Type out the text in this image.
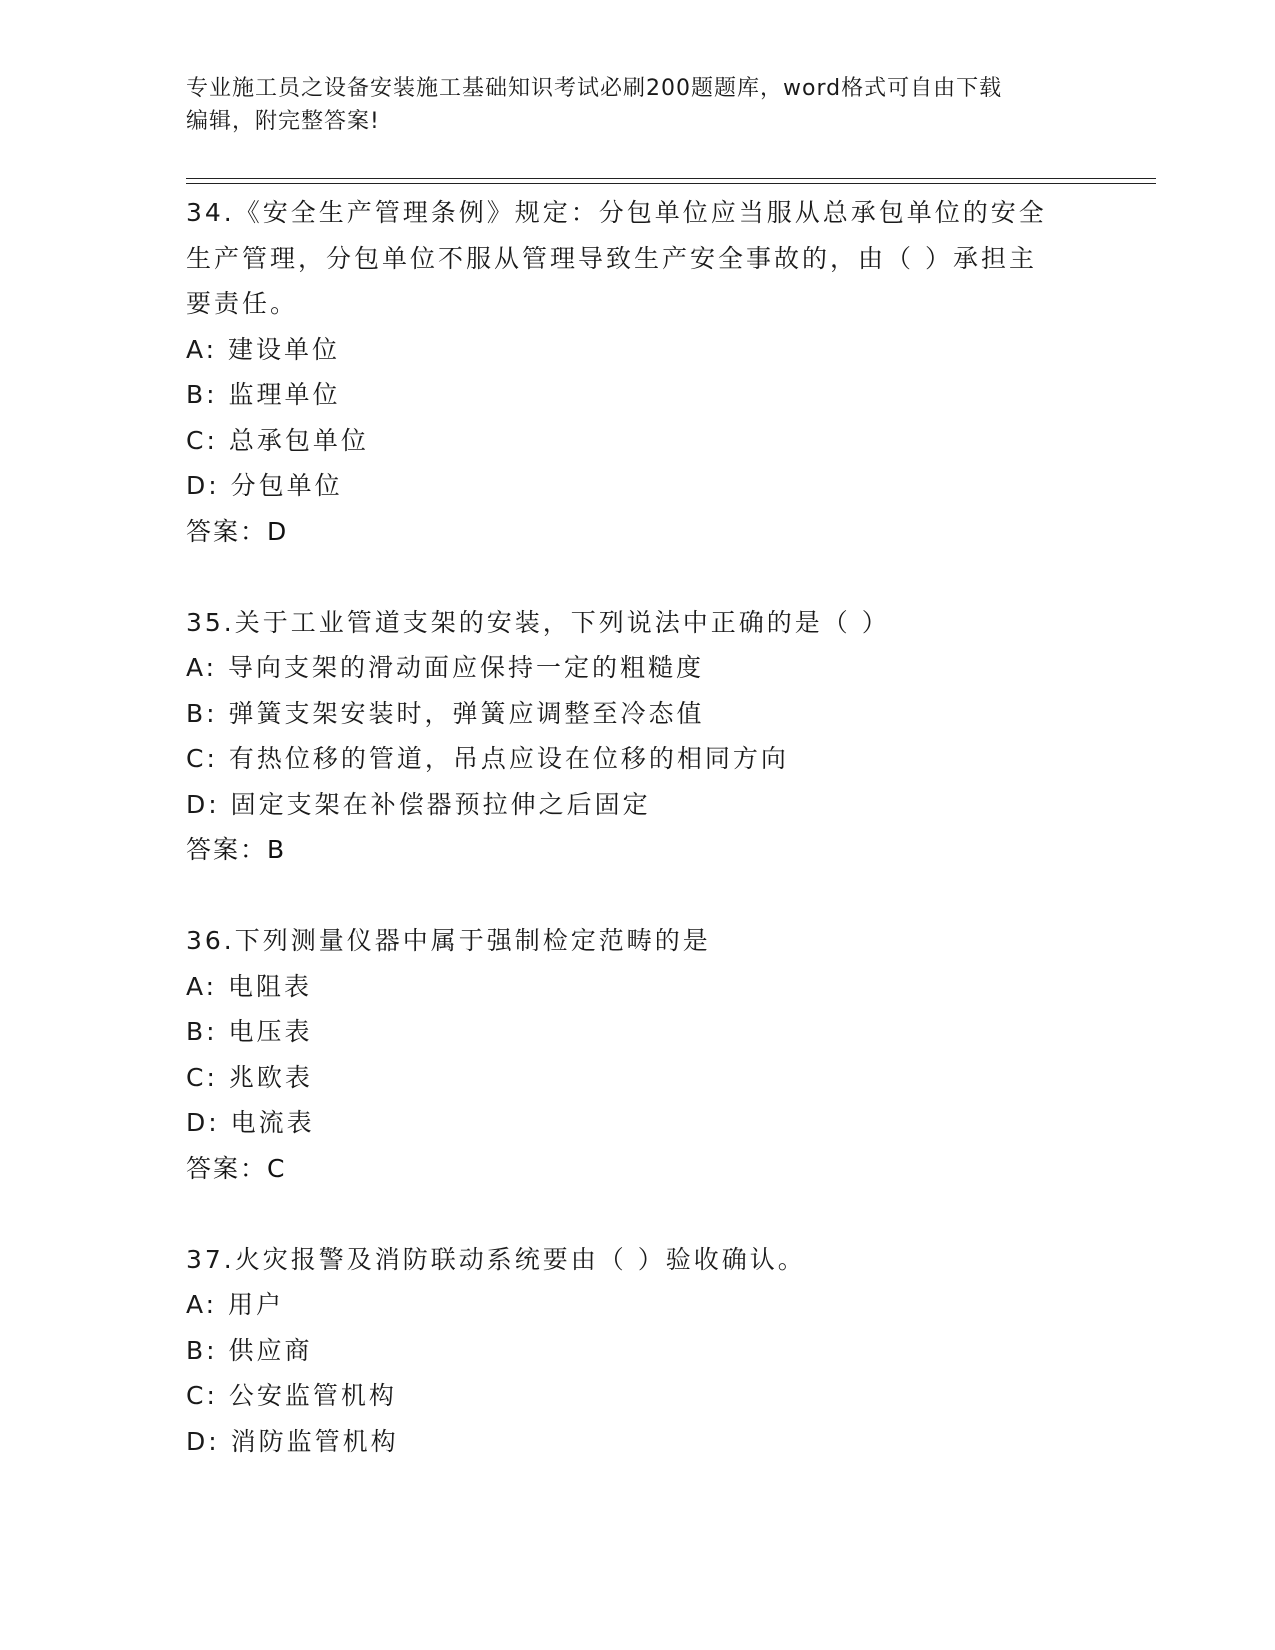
专业施工员之设备安装施工基础知识考试必刷200题题库，word格式可自由下载
编辑，附完整答案!

34.《安全生产管理条例》规定：分包单位应当服从总承包单位的安全

生产管理，分包单位不服从管理导致生产安全事故的，由（ ）承担主

要责任。

A: 建设单位

B: 监理单位

C: 总承包单位

D: 分包单位

答案：D

35.关于工业管道支架的安装，下列说法中正确的是（ ）

A: 导向支架的滑动面应保持一定的粗糙度

B: 弹簧支架安装时，弹簧应调整至冷态值

C: 有热位移的管道，吊点应设在位移的相同方向

D: 固定支架在补偿器预拉伸之后固定

答案：B

36.下列测量仪器中属于强制检定范畴的是

A: 电阻表

B: 电压表

C: 兆欧表

D: 电流表

答案：C

37.火灾报警及消防联动系统要由（ ）验收确认。

A: 用户

B: 供应商

C: 公安监管机构

D: 消防监管机构
